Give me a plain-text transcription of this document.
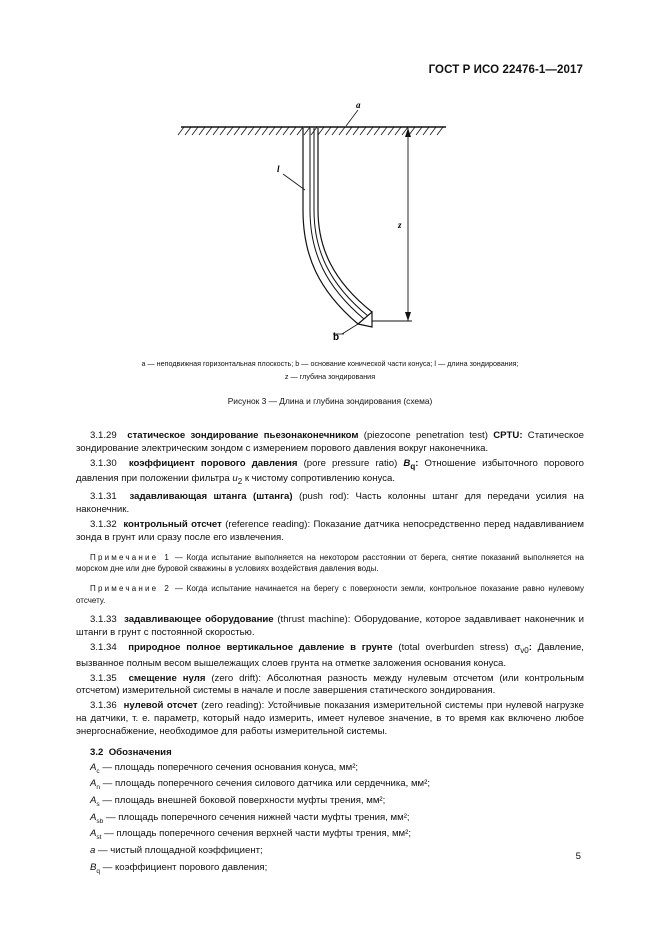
ГОСТ Р ИСО 22476-1—2017
a
l
z
b
a — неподвижная горизонтальная плоскость; b — основание конической части конуса; l — длина зондирования;
z — глубина зондирования
Рисунок 3 — Длина и глубина зондирования (схема)

3.1.29 статическое зондирование пьезонаконечником (piezocone penetration test) CPTU: Статическое зондирование электрическим зондом с измерением порового давления вокруг наконечника.

3.1.30 коэффициент порового давления (pore pressure ratio) $B_q$: Отношение избыточного порового давления при положении фильтра $u_2$ к чистому сопротивлению конуса.

3.1.31 задавливающая штанга (штанга) (push rod): Часть колонны штанг для передачи усилия на наконечник.

3.1.32 контрольный отсчет (reference reading): Показание датчика непосредственно перед надавливанием зонда в грунт или сразу после его извлечения.

Примечание 1 — Когда испытание выполняется на некотором расстоянии от берега, снятие показаний выполняется на морском дне или дне буровой скважины в условиях воздействия давления воды.

Примечание 2 — Когда испытание начинается на берегу с поверхности земли, контрольное показание равно нулевому отсчету.

3.1.33 задавливающее оборудование (thrust machine): Оборудование, которое задавливает наконечник и штанги в грунт с постоянной скоростью.

3.1.34 природное полное вертикальное давление в грунте (total overburden stress) $\sigma_{v0}$: Давление, вызванное полным весом вышележащих слоев грунта на отметке заложения основания конуса.

3.1.35 смещение нуля (zero drift): Абсолютная разность между нулевым отсчетом (или контрольным отсчетом) измерительной системы в начале и после завершения статического зондирования.

3.1.36 нулевой отсчет (zero reading): Устойчивые показания измерительной системы при нулевой нагрузке на датчики, т. е. параметр, который надо измерить, имеет нулевое значение, в то время как включено любое энергоснабжение, необходимое для работы измерительной системы.

3.2 Обозначения

$A_c$ — площадь поперечного сечения основания конуса, мм²;

$A_n$ — площадь поперечного сечения силового датчика или сердечника, мм²;

$A_s$ — площадь внешней боковой поверхности муфты трения, мм²;

$A_{sb}$ — площадь поперечного сечения нижней части муфты трения, мм²;

$A_{st}$ — площадь поперечного сечения верхней части муфты трения, мм²;

a — чистый площадной коэффициент;

$B_q$ — коэффициент порового давления;

5
